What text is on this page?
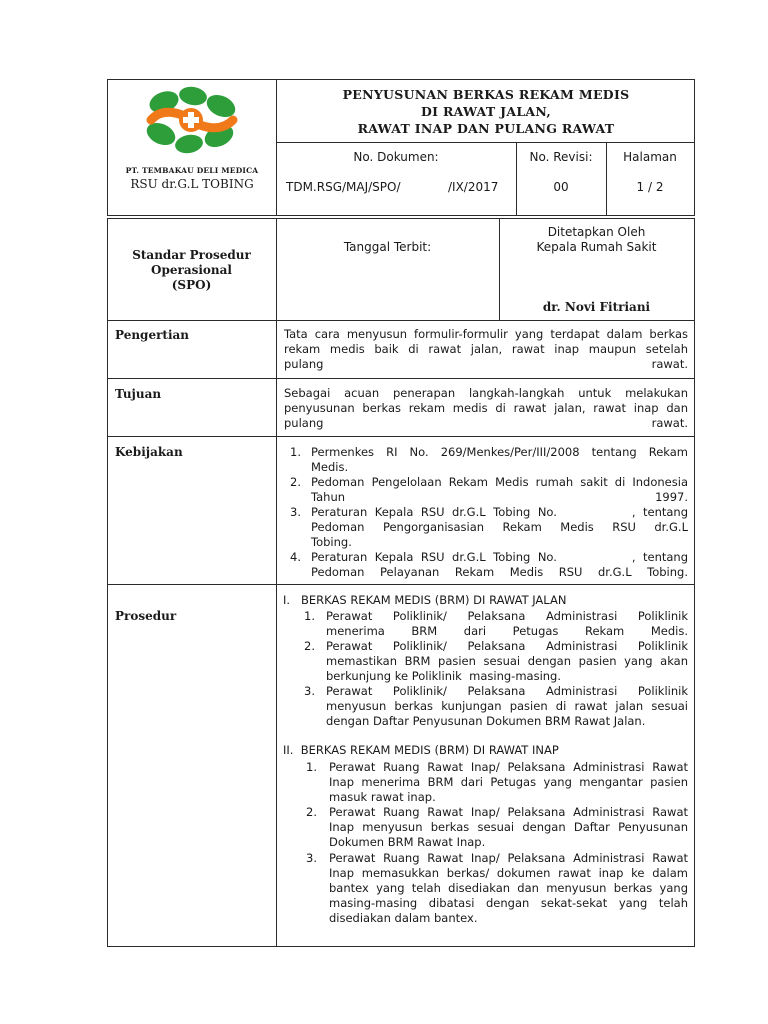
PT. TEMBAKAU DELI MEDICA
RSU dr.G.L TOBING
PENYUSUNAN BERKAS REKAM MEDIS
DI RAWAT JALAN,
RAWAT INAP DAN PULANG RAWAT
No. Dokumen:
TDM.RSG/MAJ/SPO/	/IX/2017
No. Revisi:
00
Halaman
1 / 2
Standar Prosedur
Operasional
(SPO)
Tanggal Terbit:
Ditetapkan Oleh
Kepala Rumah Sakit
dr. Novi Fitriani
Pengertian	Tata cara menyusun formulir-formulir yang terdapat dalam berkas
rekam medis baik di rawat jalan, rawat inap maupun setelah
pulang rawat.
Tujuan	Sebagai acuan penerapan langkah-langkah untuk melakukan
penyusunan berkas rekam medis di rawat jalan, rawat inap dan
pulang rawat.
Kebijakan	1. Permenkes RI No. 269/Menkes/Per/III/2008 tentang Rekam
Medis.
2. Pedoman Pengelolaan Rekam Medis rumah sakit di Indonesia
Tahun 1997.
3. Peraturan Kepala RSU dr.G.L Tobing No.          , tentang
Pedoman Pengorganisasian Rekam Medis RSU dr.G.L
Tobing.
4. Peraturan Kepala RSU dr.G.L Tobing No.          , tentang
Pedoman Pelayanan Rekam Medis RSU dr.G.L Tobing.
Prosedur
I.   BERKAS REKAM MEDIS (BRM) DI RAWAT JALAN
1. Perawat Poliklinik/ Pelaksana Administrasi Poliklinik
menerima BRM dari Petugas Rekam Medis.
2. Perawat Poliklinik/ Pelaksana Administrasi Poliklinik
memastikan BRM pasien sesuai dengan pasien yang akan
berkunjung ke Poliklinik  masing-masing.
3. Perawat Poliklinik/ Pelaksana Administrasi Poliklinik
menyusun berkas kunjungan pasien di rawat jalan sesuai
dengan Daftar Penyusunan Dokumen BRM Rawat Jalan.
II.  BERKAS REKAM MEDIS (BRM) DI RAWAT INAP
1. Perawat Ruang Rawat Inap/ Pelaksana Administrasi Rawat
Inap menerima BRM dari Petugas yang mengantar pasien
masuk rawat inap.
2. Perawat Ruang Rawat Inap/ Pelaksana Administrasi Rawat
Inap menyusun berkas sesuai dengan Daftar Penyusunan
Dokumen BRM Rawat Inap.
3. Perawat Ruang Rawat Inap/ Pelaksana Administrasi Rawat
Inap memasukkan berkas/ dokumen rawat inap ke dalam
bantex yang telah disediakan dan menyusun berkas yang
masing-masing dibatasi dengan sekat-sekat yang telah
disediakan dalam bantex.
